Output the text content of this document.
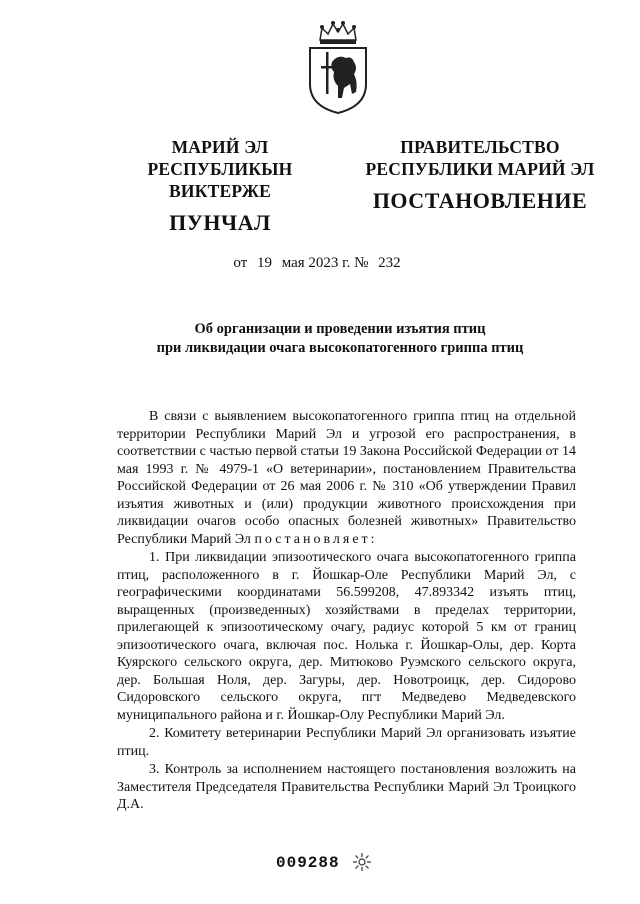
МАРИЙ ЭЛ РЕСПУБЛИКЫН
ВИКТЕРЖЕ
ПУНЧАЛ
ПРАВИТЕЛЬСТВО
РЕСПУБЛИКИ МАРИЙ ЭЛ
ПОСТАНОВЛЕНИЕ
от 19 мая 2023 г. № 232
Об организации и проведении изъятия птиц
при ликвидации очага высокопатогенного гриппа птиц

В связи с выявлением высокопатогенного гриппа птиц на отдельной территории Республики Марий Эл и угрозой его распространения, в соответствии с частью первой статьи 19 Закона Российской Федерации от 14 мая 1993 г. № 4979-1 «О ветеринарии», постановлением Правительства Российской Федерации от 26 мая 2006 г. № 310 «Об утверждении Правил изъятия животных и (или) продукции животного происхождения при ликвидации очагов особо опасных болезней животных» Правительство Республики Марий Эл постановляет:

1. При ликвидации эпизоотического очага высокопатогенного гриппа птиц, расположенного в г. Йошкар-Оле Республики Марий Эл, с географическими координатами 56.599208, 47.893342 изъять птиц, выращенных (произведенных) хозяйствами в пределах территории, прилегающей к эпизоотическому очагу, радиус которой 5 км от границ эпизоотического очага, включая пос. Нолька г. Йошкар-Олы, дер. Корта Куярского сельского округа, дер. Митюково Руэмского сельского округа, дер. Большая Ноля, дер. Загуры, дер. Новотроицк, дер. Сидорово Сидоровского сельского округа, пгт Медведево Медведевского муниципального района и г. Йошкар-Олу Республики Марий Эл.

2. Комитету ветеринарии Республики Марий Эл организовать изъятие птиц.

3. Контроль за исполнением настоящего постановления возложить на Заместителя Председателя Правительства Республики Марий Эл Троицкого Д.А.

009288
